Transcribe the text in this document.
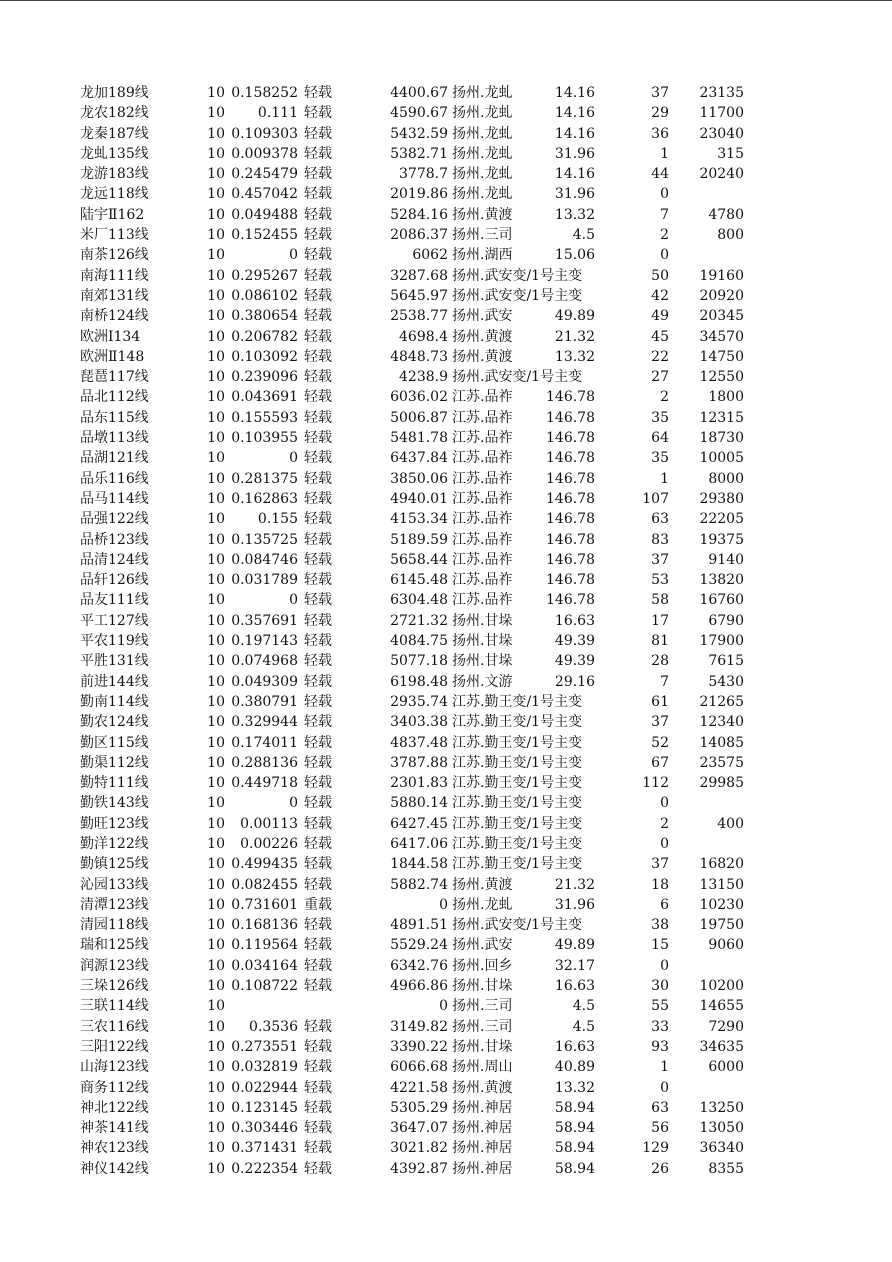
龙加189线	10 0.158252 轻载	4400.67 扬州.龙虬	14.16	37	23135
龙农182线	10	0.111 轻载	4590.67 扬州.龙虬	14.16	29	11700
龙秦187线	10 0.109303 轻载	5432.59 扬州.龙虬	14.16	36	23040
龙虬135线	10 0.009378 轻载	5382.71 扬州.龙虬	31.96	1	315
龙游183线	10 0.245479 轻载	3778.7 扬州.龙虬	14.16	44	20240
龙远118线	10 0.457042 轻载	2019.86 扬州.龙虬	31.96	0
陆宇Ⅱ162	10 0.049488 轻载	5284.16 扬州.黄渡	13.32	7	4780
米厂113线	10 0.152455 轻载	2086.37 扬州.三司	4.5	2	800
南茶126线	10	0 轻载	6062 扬州.湖西	15.06	0
南海111线	10 0.295267 轻载	3287.68 扬州.武安变/1号主变	50	19160
南郊131线	10 0.086102 轻载	5645.97 扬州.武安变/1号主变	42	20920
南桥124线	10 0.380654 轻载	2538.77 扬州.武安	49.89	49	20345
欧洲Ⅰ134	10 0.206782 轻载	4698.4 扬州.黄渡	21.32	45	34570
欧洲Ⅱ148	10 0.103092 轻载	4848.73 扬州.黄渡	13.32	22	14750
琵琶117线	10 0.239096 轻载	4238.9 扬州.武安变/1号主变	27	12550
品北112线	10 0.043691 轻载	6036.02 江苏.品祚	146.78	2	1800
品东115线	10 0.155593 轻载	5006.87 江苏.品祚	146.78	35	12315
品墩113线	10 0.103955 轻载	5481.78 江苏.品祚	146.78	64	18730
品湖121线	10	0 轻载	6437.84 江苏.品祚	146.78	35	10005
品乐116线	10 0.281375 轻载	3850.06 江苏.品祚	146.78	1	8000
品马114线	10 0.162863 轻载	4940.01 江苏.品祚	146.78	107	29380
品强122线	10	0.155 轻载	4153.34 江苏.品祚	146.78	63	22205
品桥123线	10 0.135725 轻载	5189.59 江苏.品祚	146.78	83	19375
品清124线	10 0.084746 轻载	5658.44 江苏.品祚	146.78	37	9140
品轩126线	10 0.031789 轻载	6145.48 江苏.品祚	146.78	53	13820
品友111线	10	0 轻载	6304.48 江苏.品祚	146.78	58	16760
平工127线	10 0.357691 轻载	2721.32 扬州.甘垛	16.63	17	6790
平农119线	10 0.197143 轻载	4084.75 扬州.甘垛	49.39	81	17900
平胜131线	10 0.074968 轻载	5077.18 扬州.甘垛	49.39	28	7615
前进144线	10 0.049309 轻载	6198.48 扬州.文游	29.16	7	5430
勤南114线	10 0.380791 轻载	2935.74 江苏.勤王变/1号主变	61	21265
勤农124线	10 0.329944 轻载	3403.38 江苏.勤王变/1号主变	37	12340
勤区115线	10 0.174011 轻载	4837.48 江苏.勤王变/1号主变	52	14085
勤渠112线	10 0.288136 轻载	3787.88 江苏.勤王变/1号主变	67	23575
勤特111线	10 0.449718 轻载	2301.83 江苏.勤王变/1号主变	112	29985
勤铁143线	10	0 轻载	5880.14 江苏.勤王变/1号主变	0
勤旺123线	10	0.00113 轻载	6427.45 江苏.勤王变/1号主变	2	400
勤洋122线	10	0.00226 轻载	6417.06 江苏.勤王变/1号主变	0
勤镇125线	10 0.499435 轻载	1844.58 江苏.勤王变/1号主变	37	16820
沁园133线	10 0.082455 轻载	5882.74 扬州.黄渡	21.32	18	13150
清潭123线	10 0.731601 重载	0 扬州.龙虬	31.96	6	10230
清园118线	10 0.168136 轻载	4891.51 扬州.武安变/1号主变	38	19750
瑞和125线	10 0.119564 轻载	5529.24 扬州.武安	49.89	15	9060
润源123线	10 0.034164 轻载	6342.76 扬州.回乡	32.17	0
三垛126线	10 0.108722 轻载	4966.86 扬州.甘垛	16.63	30	10200
三联114线	10	0 扬州.三司	4.5	55	14655
三农116线	10	0.3536 轻载	3149.82 扬州.三司	4.5	33	7290
三阳122线	10 0.273551 轻载	3390.22 扬州.甘垛	16.63	93	34635
山海123线	10 0.032819 轻载	6066.68 扬州.周山	40.89	1	6000
商务112线	10 0.022944 轻载	4221.58 扬州.黄渡	13.32	0
神北122线	10 0.123145 轻载	5305.29 扬州.神居	58.94	63	13250
神茶141线	10 0.303446 轻载	3647.07 扬州.神居	58.94	56	13050
神农123线	10 0.371431 轻载	3021.82 扬州.神居	58.94	129	36340
神仪142线	10 0.222354 轻载	4392.87 扬州.神居	58.94	26	8355
